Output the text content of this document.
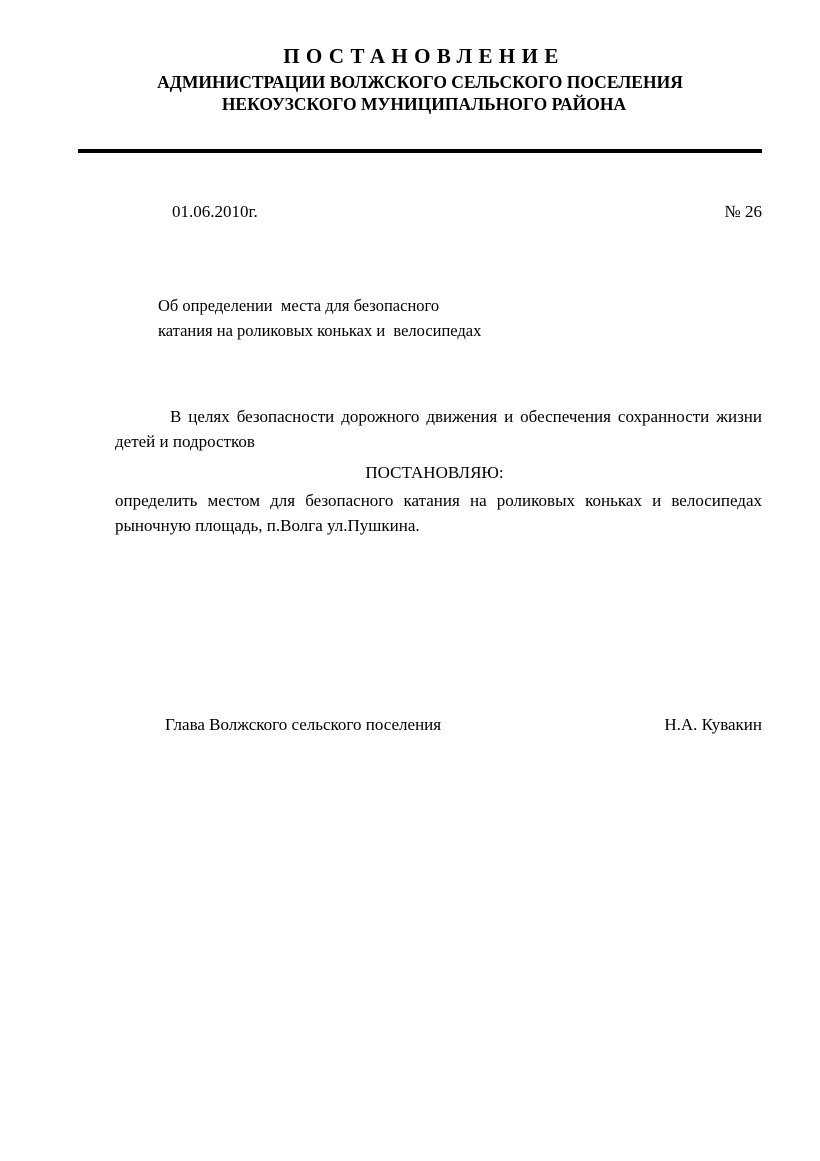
ПОСТАНОВЛЕНИЕ
АДМИНИСТРАЦИИ ВОЛЖСКОГО СЕЛЬСКОГО ПОСЕЛЕНИЯ
НЕКОУЗСКОГО МУНИЦИПАЛЬНОГО РАЙОНА
01.06.2010г.	№ 26
Об определении  места для безопасного
катания на роликовых коньках и  велосипедах

В целях безопасности дорожного движения и обеспечения сохранности жизни детей и подростков

ПОСТАНОВЛЯЮ:

определить местом для безопасного катания на роликовых коньках и велосипедах рыночную площадь, п.Волга ул.Пушкина.

Глава Волжского сельского поселения	Н.А. Кувакин
